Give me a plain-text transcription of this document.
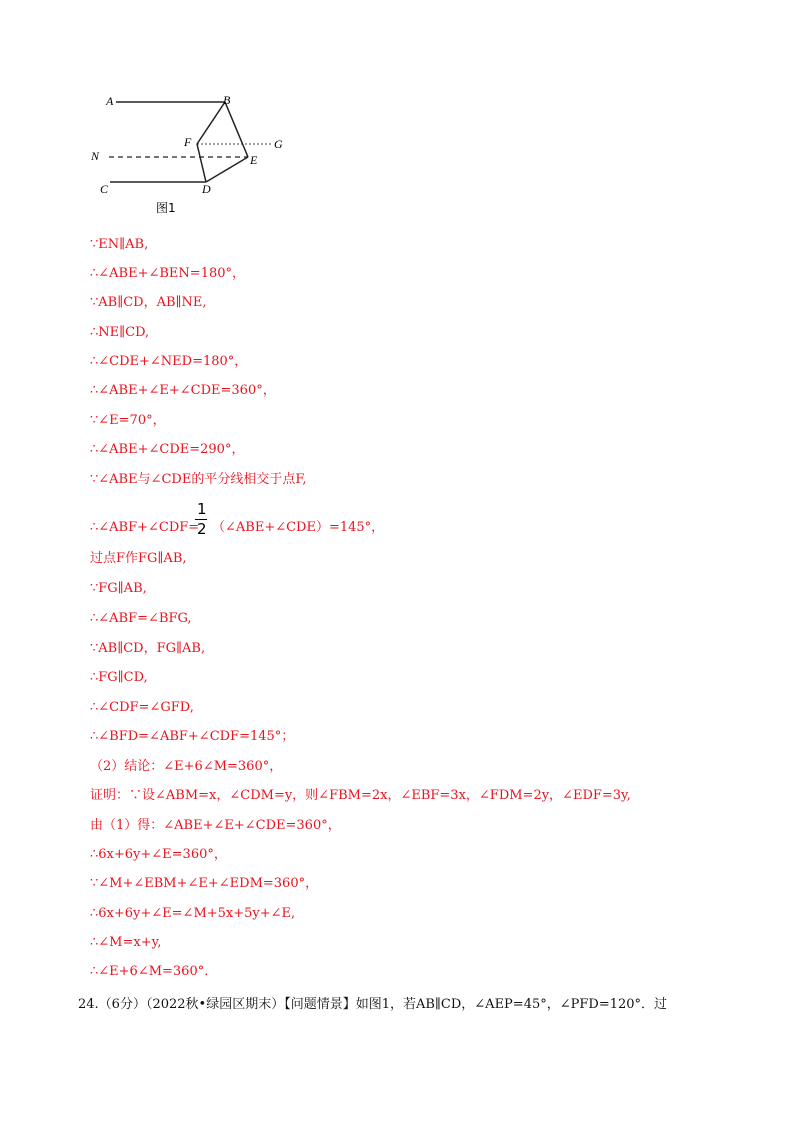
A	B
F	G
N	E
C	D
图1
∵EN∥AB,
∴∠ABE+∠BEN=180°，
∵AB∥CD，AB∥NE,
∴NE∥CD,
∴∠CDE+∠NED=180°，
∴∠ABE+∠E+∠CDE=360°，
∵∠E=70°，
∴∠ABE+∠CDE=290°，
∵∠ABE与∠CDE的平分线相交于点F,
∴∠ABF+∠CDF=
1
2 （∠ABE+∠CDE）=145°，
过点F作FG∥AB,
∵FG∥AB,
∴∠ABF=∠BFG,
∵AB∥CD，FG∥AB,
∴FG∥CD,
∴∠CDF=∠GFD,
∴∠BFD=∠ABF+∠CDF=145°；
（2）结论：∠E+6∠M=360°，
证明：∵设∠ABM=x，∠CDM=y，则∠FBM=2x，∠EBF=3x，∠FDM=2y，∠EDF=3y,
由（1）得：∠ABE+∠E+∠CDE=360°，
∴6x+6y+∠E=360°，
∵∠M+∠EBM+∠E+∠EDM=360°，
∴6x+6y+∠E=∠M+5x+5y+∠E,
∴∠M=x+y,
∴∠E+6∠M=360°．
24.（6分）（2022秋•绿园区期末）【问题情景】如图1，若AB∥CD，∠AEP=45°，∠PFD=120°．过
